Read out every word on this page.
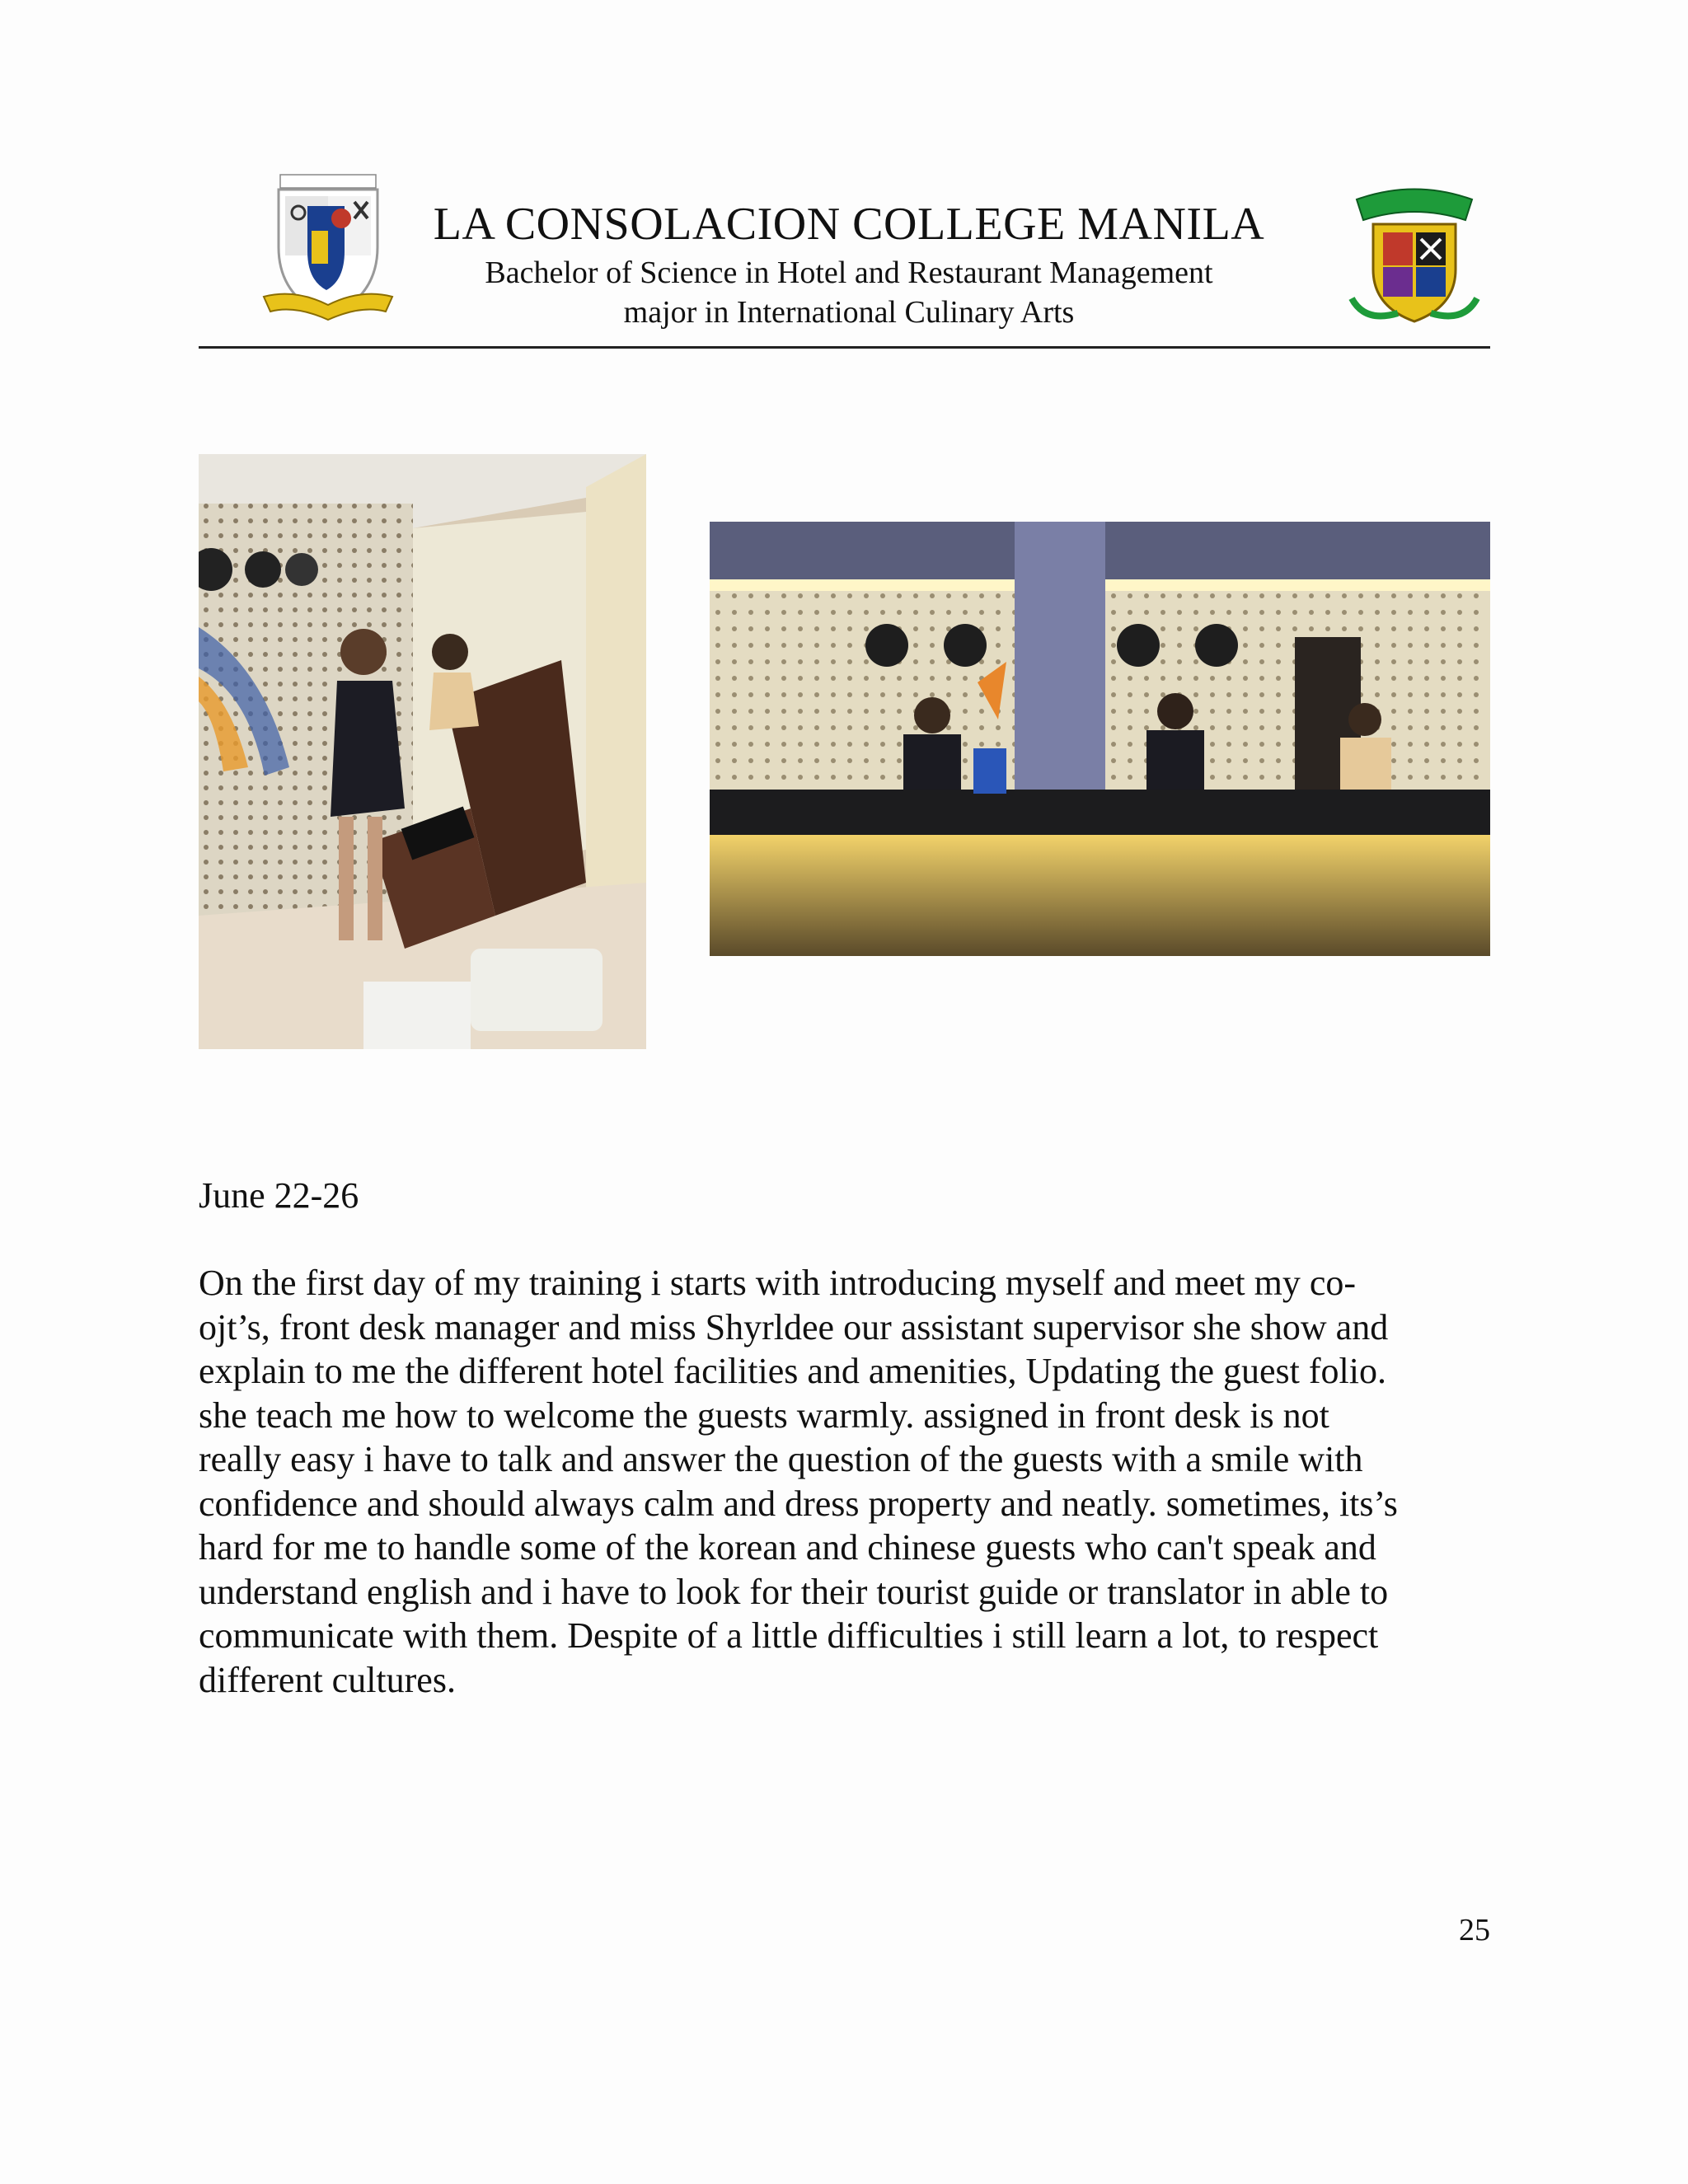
LA CONSOLACION COLLEGE MANILA
Bachelor of Science in Hotel and Restaurant Management
major in International Culinary Arts
June 22-26
On the first day of my training i starts with introducing myself and meet my co-
ojt’s, front desk manager and miss Shyrldee our assistant supervisor she show and
explain to me the different hotel facilities and amenities, Updating the guest folio.
she teach me how to welcome the guests warmly. assigned in front desk is not
really easy i have to talk and answer the question of the guests with a smile with
confidence and should always calm and dress property and neatly. sometimes, its’s
hard for me to handle some of the korean and chinese guests who can't speak and
understand english and i have to look for their tourist guide or translator in able to
communicate with them. Despite of a little difficulties i still learn a lot, to respect
different cultures.
25
